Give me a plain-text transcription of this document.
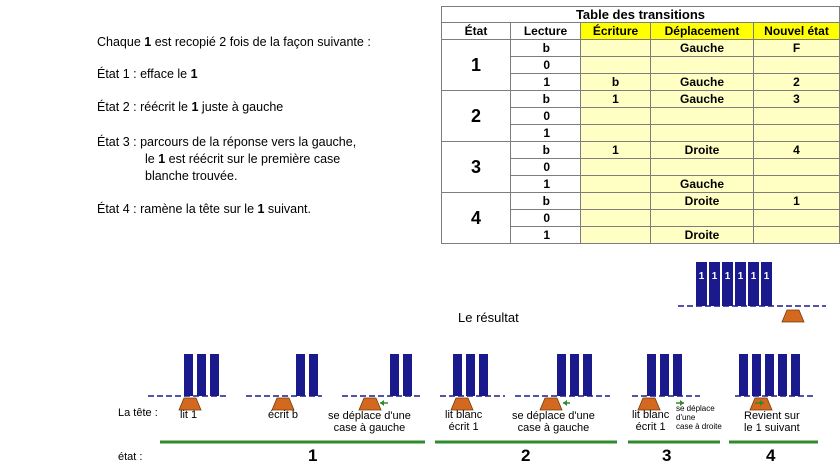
Chaque 1 est recopié 2 fois de la façon suivante :
État 1 : efface le 1
État 2 : réécrit le 1 juste à gauche
État 3 : parcours de la réponse vers la gauche,
le 1 est réécrit sur le première case
blanche trouvée.
État 4 : ramène la tête sur le 1 suivant.
Table des transitions				
État	Lecture	Écriture	Déplacement	Nouvel état
1	b		Gauche	F
	0			
	1	b	Gauche	2
2	b	1	Gauche	3
	0			
	1			
3	b	1	Droite	4
	0			
	1		Gauche	
4	b		Droite	1
	0			
	1		Droite	
Le résultat
1 1 1 1 1 1
La tête :
état :
lit 1	écrit b	se déplace d'une
case à gauche
lit blanc
écrit 1
se déplace d'une
case à gauche
lit blanc
écrit 1
se déplace
d'une
case à droite
Revient sur
le 1 suivant
1	2	3	4
